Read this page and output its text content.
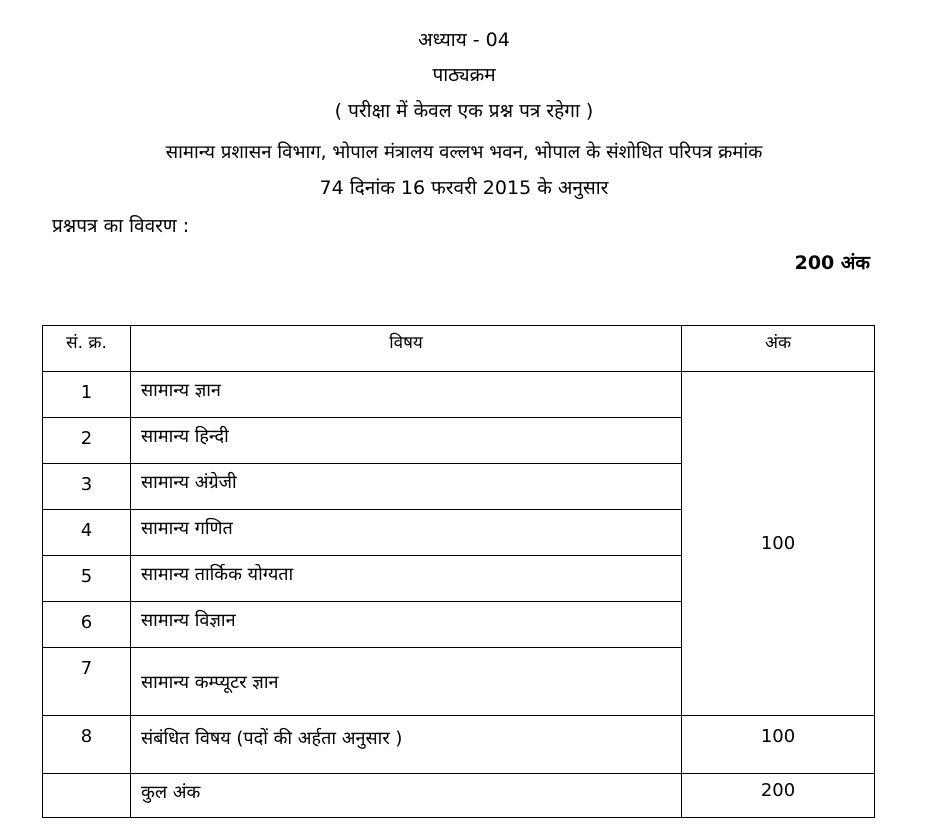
अध्याय - 04
पाठ्यक्रम
( परीक्षा में केवल एक प्रश्न पत्र रहेगा )
सामान्य प्रशासन विभाग, भोपाल मंत्रालय वल्लभ भवन, भोपाल के संशोधित परिपत्र क्रमांक
74 दिनांक 16 फरवरी 2015 के अनुसार
प्रश्नपत्र का विवरण :
200 अंक
सं. क्र.	विषय	अंक
1	सामान्य ज्ञान	100
2	सामान्य हिन्दी	
3	सामान्य अंग्रेजी	
4	सामान्य गणित	
5	सामान्य तार्किक योग्यता	
6	सामान्य विज्ञान	
7	सामान्य कम्प्यूटर ज्ञान	
8	संबंधित विषय (पदों की अर्हता अनुसार )	100
	कुल अंक	200
